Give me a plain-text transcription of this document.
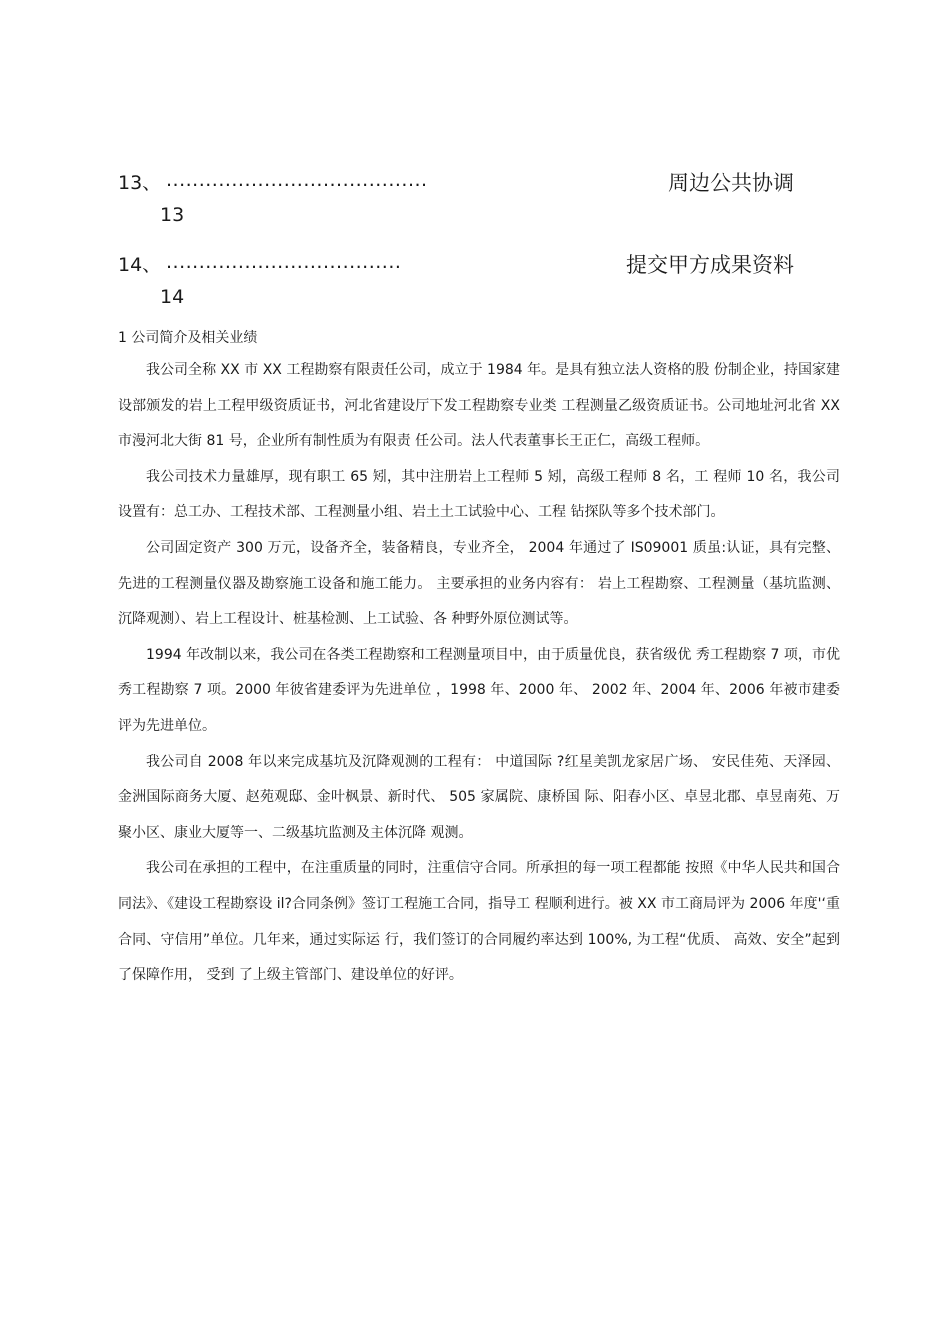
13、 ........................................	周边公共协调
13
14、 ....................................	提交甲方成果资料
14
1 公司简介及相关业绩

我公司全称 XX 市 XX 工程勘察有限责任公司，成立于 1984 年。是具有独立法人资格的股 份制企业，持国家建设部颁发的岩上工程甲级资质证书，河北省建设厅下发工程勘察专业类 工程测量乙级资质证书。公司地址河北省 XX 市漫河北大街 81 号，企业所有制性质为有限责 任公司。法人代表董事长王正仁，高级工程师。

我公司技术力量雄厚，现有职工 65 矧，其中注册岩上工程师 5 矧，高级工程师 8 名，工 程师 10 名，我公司设置有：总工办、工程技术部、工程测量小组、岩土土工试验中心、工程 钻探队等多个技术部门。

公司固定资产 300 万元，设备齐全，装备精良，专业齐全， 2004 年通过了 IS09001 质虽:认证，具有完整、先进的工程测量仪器及勘察施工设备和施工能力。 主要承担的业务内容有： 岩上工程勘察、工程测量（基坑监测、沉降观测）、岩上工程设计、桩基检测、上工试验、各 种野外原位测试等。

1994 年改制以来，我公司在各类工程勘察和工程测量项目中，由于质量优良，获省级优 秀工程勘察 7 项，市优秀工程勘察 7 项。2000 年彼省建委评为先进单位 ，1998 年、2000 年、 2002 年、2004 年、2006 年被市建委评为先进单位。

我公司自 2008 年以来完成基坑及沉降观测的工程有： 中道国际 ?红星美凯龙家居广场、 安民佳苑、天泽园、金洲国际商务大厦、赵苑观邸、金叶枫景、新时代、 505 家属院、康桥国 际、阳春小区、卓昱北郡、卓昱南苑、万聚小区、康业大厦等一、二级基坑监测及主体沉降 观测。

我公司在承担的工程中，在注重质量的同时，注重信守合同。所承担的每一项工程都能 按照《中华人民共和国合同法》、《建设工程勘察设 il?合同条例》签订工程施工合同，指导工 程顺利进行。被 XX 市工商局评为 2006 年度'‘重合同、守信用”单位。几年来，通过实际运 行，我们签订的合同履约率达到 100%, 为工程“优质、 高效、安全”起到了保障作用， 受到 了上级主管部门、建设单位的好评。
